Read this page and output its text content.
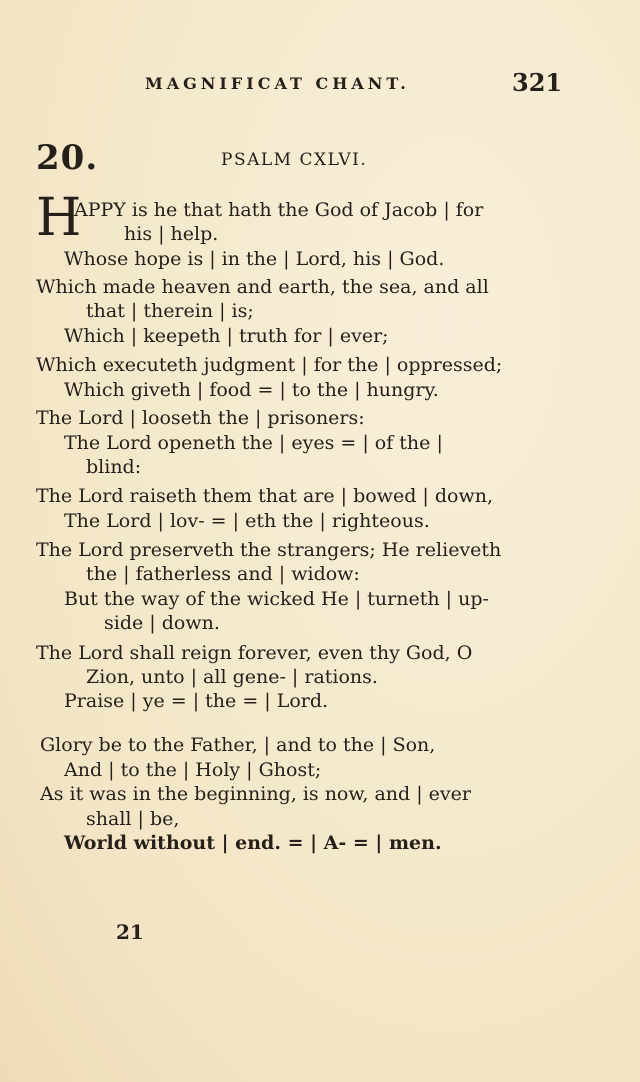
MAGNIFICAT CHANT.	321
20.	PSALM CXLVI.
H
APPY is he that hath the God of Jacob | for
his | help.
Whose hope is | in the | Lord, his | God.
Which made heaven and earth, the sea, and all
that | therein | is;
Which | keepeth | truth for | ever;
Which executeth judgment | for the | oppressed;
Which giveth | food = | to the | hungry.
The Lord | looseth the | prisoners:
The Lord openeth the | eyes = | of the |
blind:
The Lord raiseth them that are | bowed | down,
The Lord | lov- = | eth the | righteous.
The Lord preserveth the strangers; He relieveth
the | fatherless and | widow:
But the way of the wicked He | turneth | up-
side | down.
The Lord shall reign forever, even thy God, O
Zion, unto | all gene- | rations.
Praise | ye = | the = | Lord.
Glory be to the Father, | and to the | Son,
And | to the | Holy | Ghost;
As it was in the beginning, is now, and | ever
shall | be,
World without | end. = | A- = | men.
21
